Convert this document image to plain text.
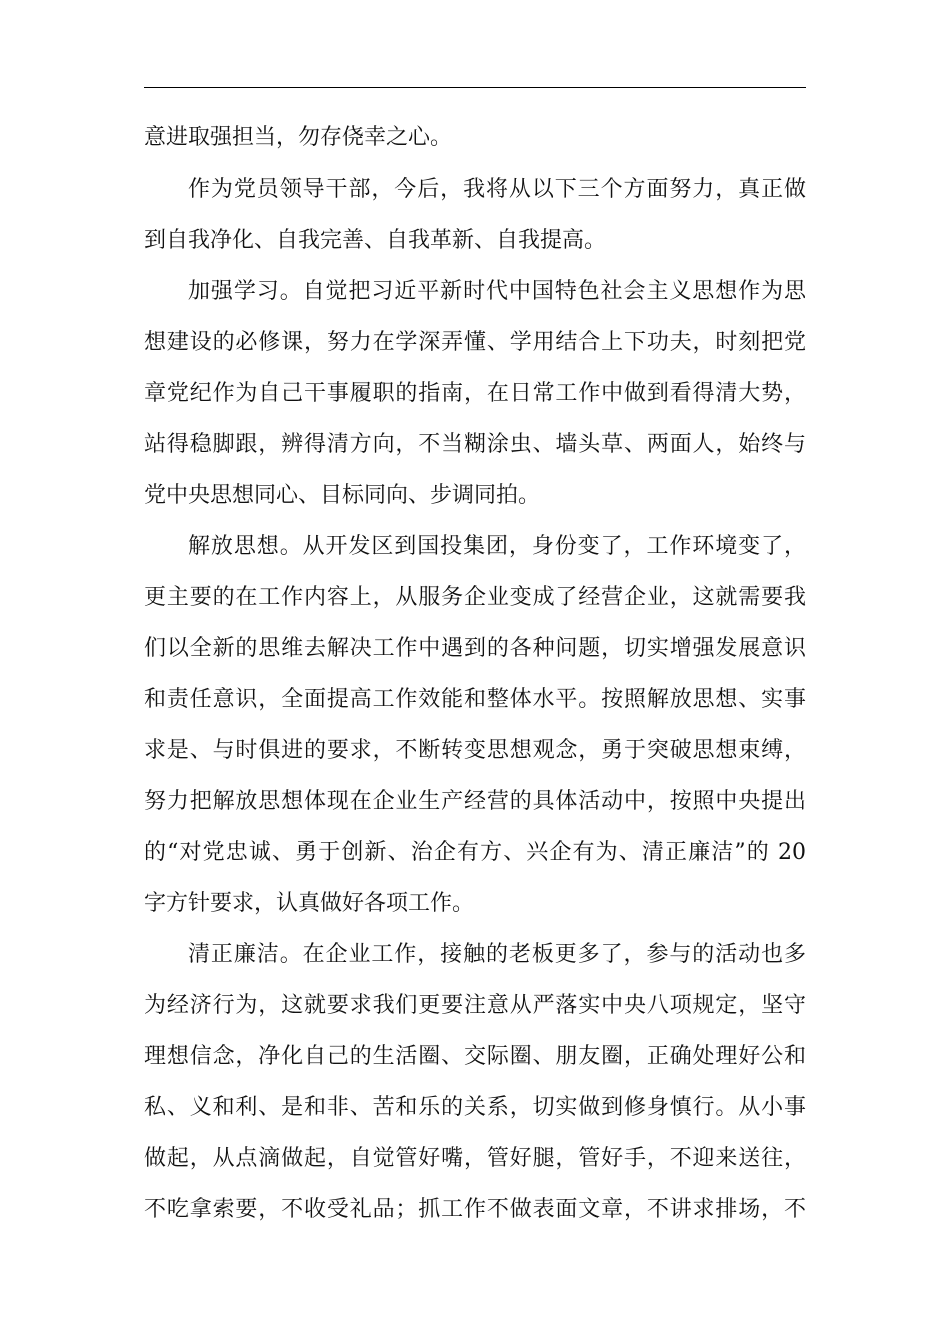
意进取强担当，勿存侥幸之心。
作为党员领导干部，今后，我将从以下三个方面努力，真正做
到自我净化、自我完善、自我革新、自我提高。
加强学习。自觉把习近平新时代中国特色社会主义思想作为思
想建设的必修课，努力在学深弄懂、学用结合上下功夫，时刻把党
章党纪作为自己干事履职的指南，在日常工作中做到看得清大势，
站得稳脚跟，辨得清方向，不当糊涂虫、墙头草、两面人，始终与
党中央思想同心、目标同向、步调同拍。
解放思想。从开发区到国投集团，身份变了，工作环境变了，
更主要的在工作内容上，从服务企业变成了经营企业，这就需要我
们以全新的思维去解决工作中遇到的各种问题，切实增强发展意识
和责任意识，全面提高工作效能和整体水平。按照解放思想、实事
求是、与时俱进的要求，不断转变思想观念，勇于突破思想束缚，
努力把解放思想体现在企业生产经营的具体活动中，按照中央提出
的“对党忠诚、勇于创新、治企有方、兴企有为、清正廉洁”的 20
字方针要求，认真做好各项工作。
清正廉洁。在企业工作，接触的老板更多了，参与的活动也多
为经济行为，这就要求我们更要注意从严落实中央八项规定，坚守
理想信念，净化自己的生活圈、交际圈、朋友圈，正确处理好公和
私、义和利、是和非、苦和乐的关系，切实做到修身慎行。从小事
做起，从点滴做起，自觉管好嘴，管好腿，管好手，不迎来送往，
不吃拿索要，不收受礼品；抓工作不做表面文章，不讲求排场，不
